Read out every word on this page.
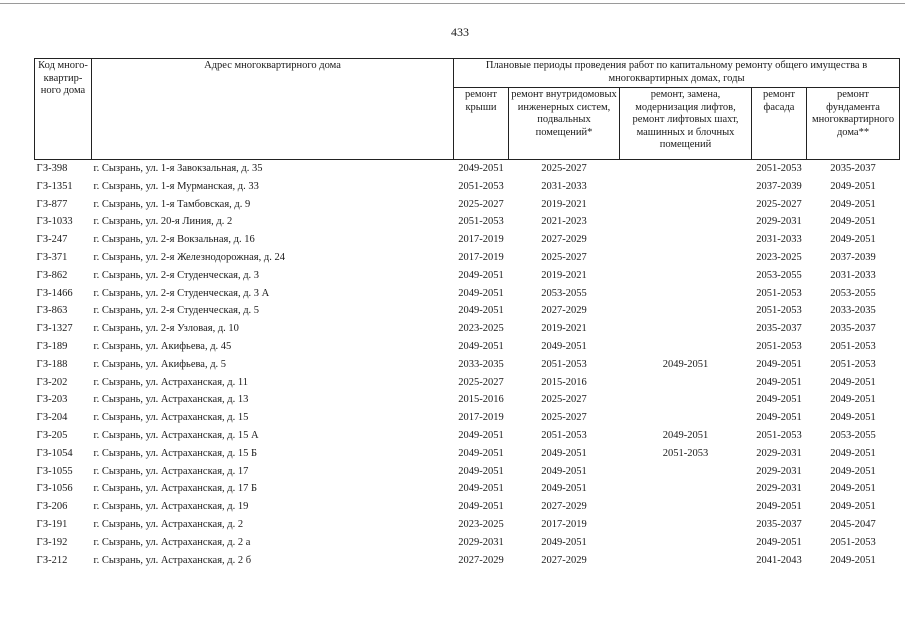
433
Код много-квартир-ного дома	Адрес многоквартирного дома	Плановые периоды проведения работ по капитальному ремонту общего имущества в многоквартирных домах, годы				
		ремонт крыши	ремонт внутридомовых инженерных систем, подвальных помещений*	ремонт, замена, модернизация лифтов, ремонт лифтовых шахт, машинных и блочных помещений	ремонт фасада	ремонт фундамента многоквартирного дома**
ГЗ-398	г. Сызрань, ул. 1-я Завокзальная, д. 35	2049-2051	2025-2027		2051-2053	2035-2037
ГЗ-1351	г. Сызрань, ул. 1-я Мурманская, д. 33	2051-2053	2031-2033		2037-2039	2049-2051
ГЗ-877	г. Сызрань, ул. 1-я Тамбовская, д. 9	2025-2027	2019-2021		2025-2027	2049-2051
ГЗ-1033	г. Сызрань, ул. 20-я Линия, д. 2	2051-2053	2021-2023		2029-2031	2049-2051
ГЗ-247	г. Сызрань, ул. 2-я Вокзальная, д. 16	2017-2019	2027-2029		2031-2033	2049-2051
ГЗ-371	г. Сызрань, ул. 2-я Железнодорожная, д. 24	2017-2019	2025-2027		2023-2025	2037-2039
ГЗ-862	г. Сызрань, ул. 2-я Студенческая, д. 3	2049-2051	2019-2021		2053-2055	2031-2033
ГЗ-1466	г. Сызрань, ул. 2-я Студенческая, д. 3 А	2049-2051	2053-2055		2051-2053	2053-2055
ГЗ-863	г. Сызрань, ул. 2-я Студенческая, д. 5	2049-2051	2027-2029		2051-2053	2033-2035
ГЗ-1327	г. Сызрань, ул. 2-я Узловая, д. 10	2023-2025	2019-2021		2035-2037	2035-2037
ГЗ-189	г. Сызрань, ул. Акифьева, д. 45	2049-2051	2049-2051		2051-2053	2051-2053
ГЗ-188	г. Сызрань, ул. Акифьева, д. 5	2033-2035	2051-2053	2049-2051	2049-2051	2051-2053
ГЗ-202	г. Сызрань, ул. Астраханская, д. 11	2025-2027	2015-2016		2049-2051	2049-2051
ГЗ-203	г. Сызрань, ул. Астраханская, д. 13	2015-2016	2025-2027		2049-2051	2049-2051
ГЗ-204	г. Сызрань, ул. Астраханская, д. 15	2017-2019	2025-2027		2049-2051	2049-2051
ГЗ-205	г. Сызрань, ул. Астраханская, д. 15 А	2049-2051	2051-2053	2049-2051	2051-2053	2053-2055
ГЗ-1054	г. Сызрань, ул. Астраханская, д. 15 Б	2049-2051	2049-2051	2051-2053	2029-2031	2049-2051
ГЗ-1055	г. Сызрань, ул. Астраханская, д. 17	2049-2051	2049-2051		2029-2031	2049-2051
ГЗ-1056	г. Сызрань, ул. Астраханская, д. 17 Б	2049-2051	2049-2051		2029-2031	2049-2051
ГЗ-206	г. Сызрань, ул. Астраханская, д. 19	2049-2051	2027-2029		2049-2051	2049-2051
ГЗ-191	г. Сызрань, ул. Астраханская, д. 2	2023-2025	2017-2019		2035-2037	2045-2047
ГЗ-192	г. Сызрань, ул. Астраханская, д. 2 а	2029-2031	2049-2051		2049-2051	2051-2053
ГЗ-212	г. Сызрань, ул. Астраханская, д. 2 б	2027-2029	2027-2029		2041-2043	2049-2051
